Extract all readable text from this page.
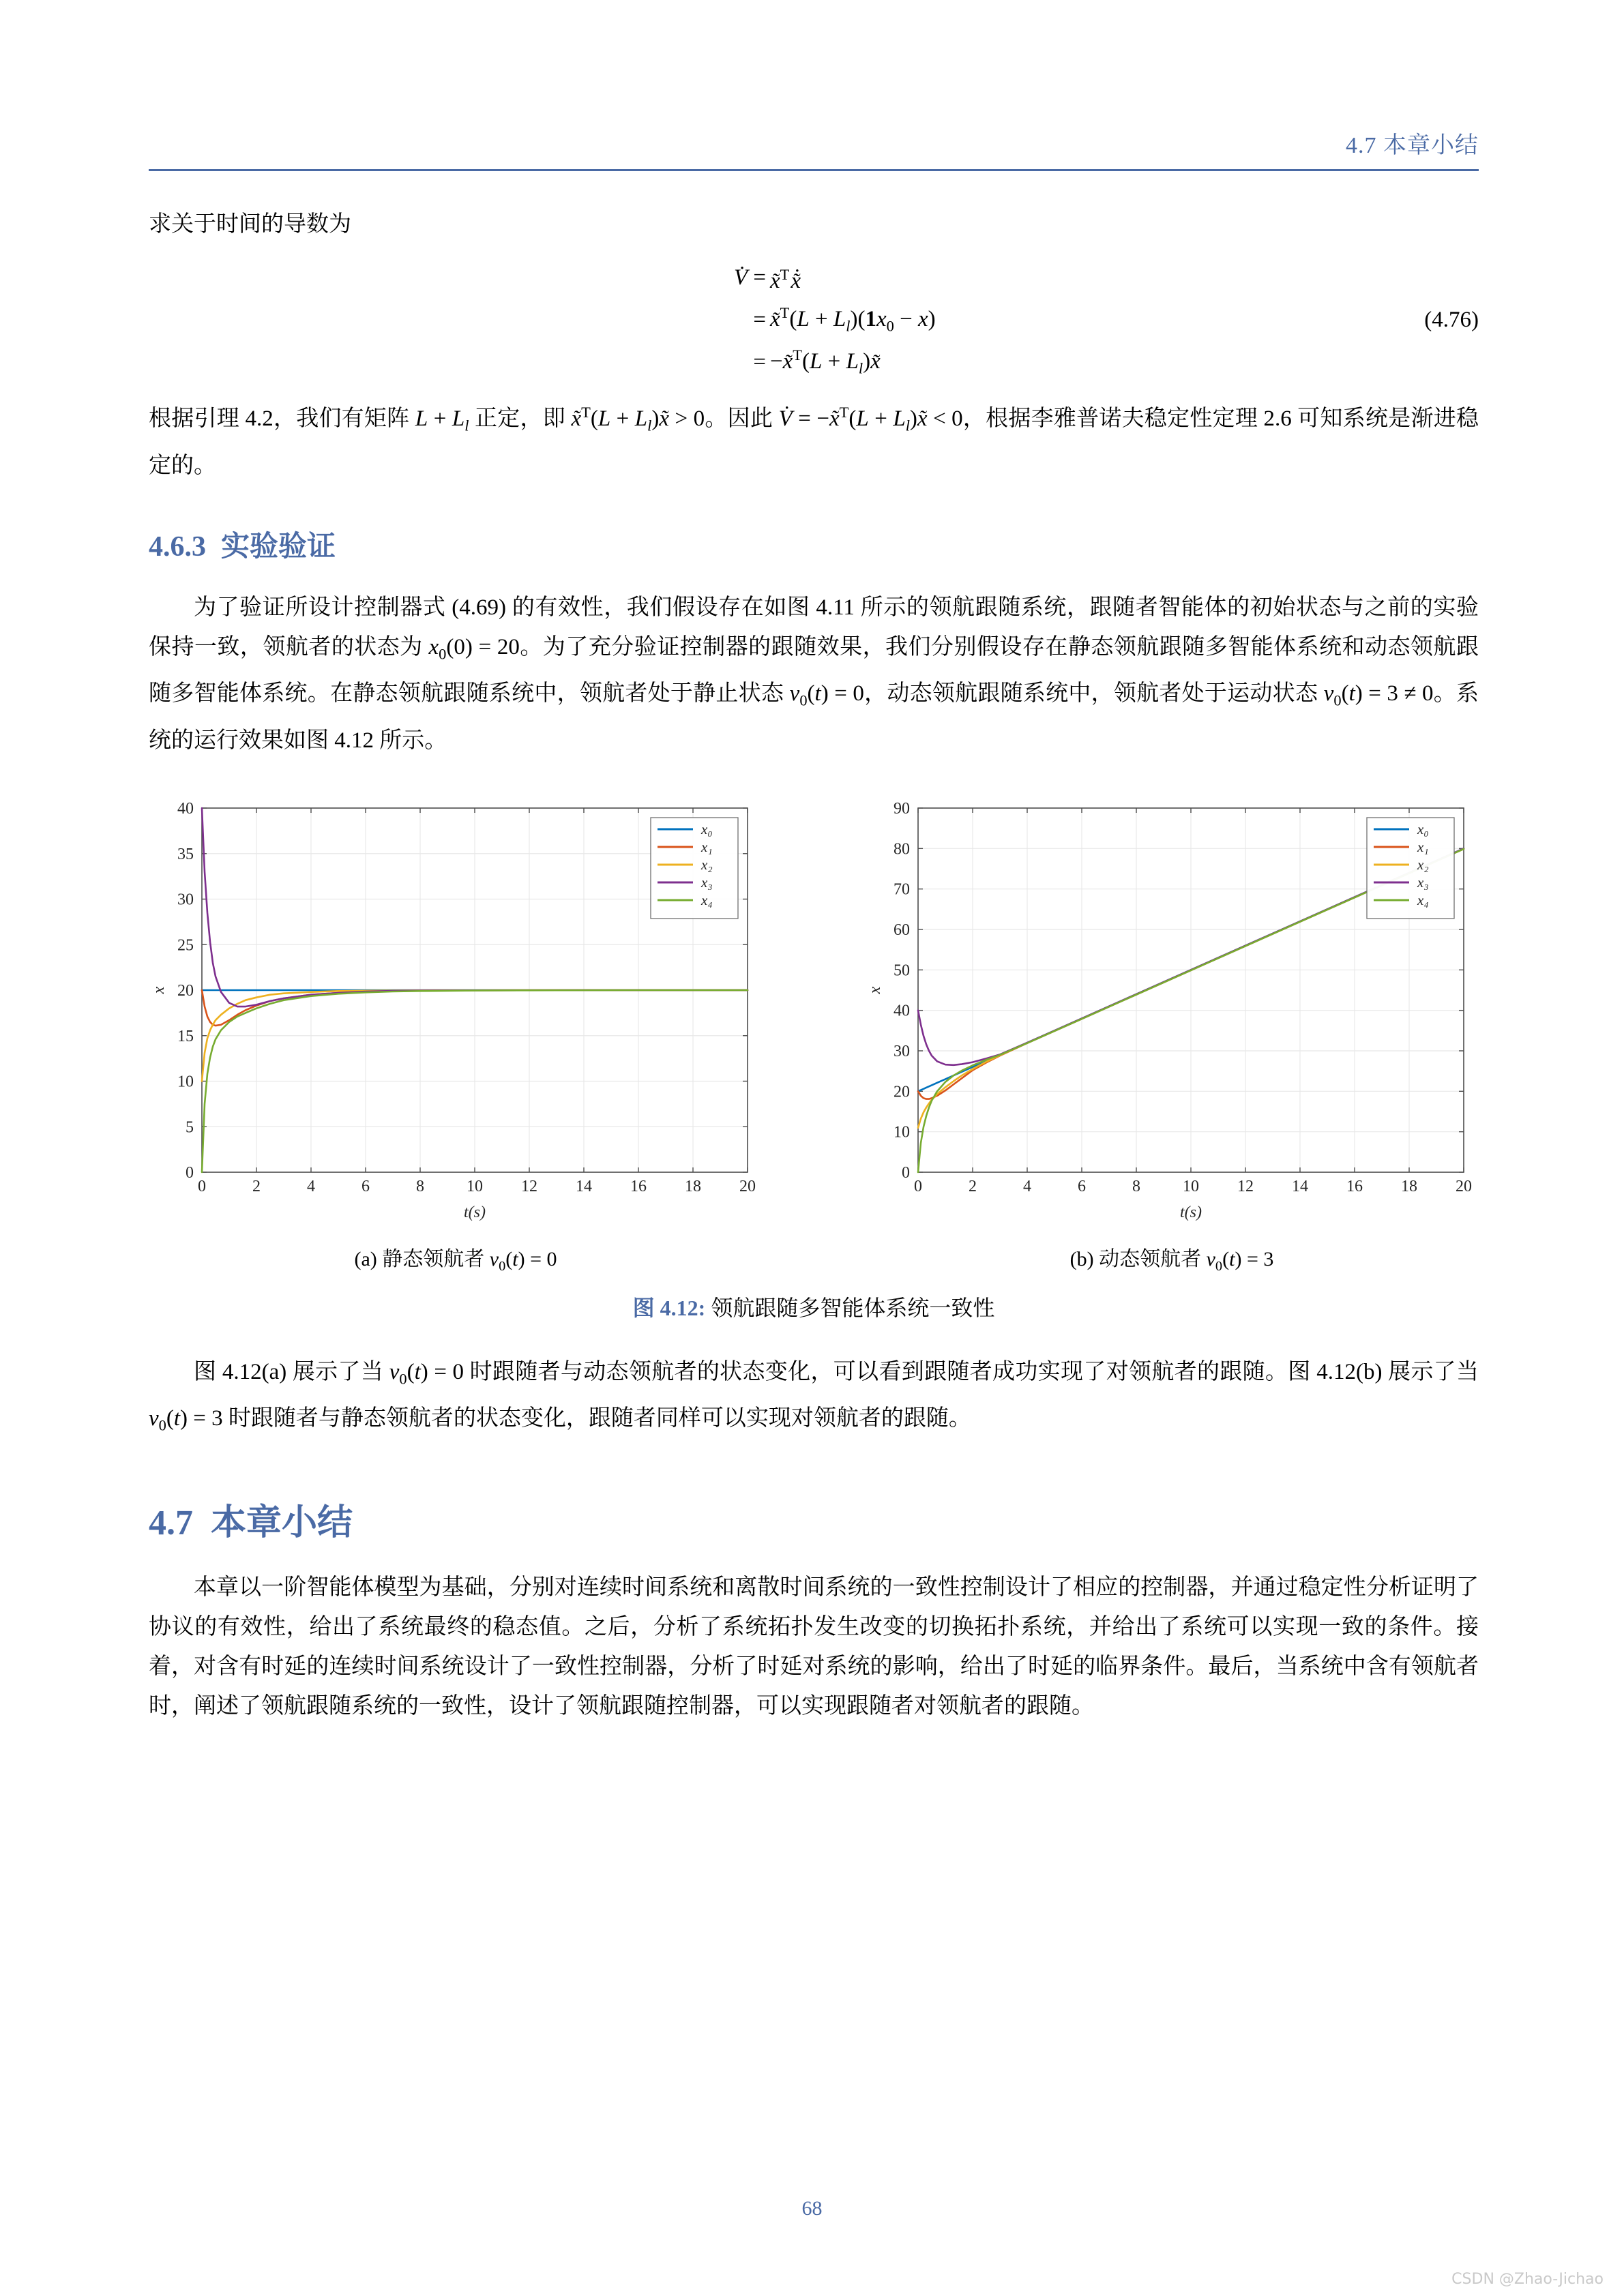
4.7 本章小结

求关于时间的导数为

V ˙ = x ˜$^T$x ˜ ˙
= x ˜$^T$(L + $L_l)(1x_0 - x)$
= −x ˜$^T$(L + $L_l)x$ ˜
(4.76)

根据引理 4.2，我们有矩阵 $L + L_l$ 正定，即 x ˜$^T$(L + $L_l)x$ ˜ > 0。因此 V ˙ = −x ˜$^T$(L + $L_l)x$ ˜ < 0，根据李雅普诺夫稳定性定理 2.6 可知系统是渐进稳定的。

4.6.3 实验验证

为了验证所设计控制器式 (4.69) 的有效性，我们假设存在如图 4.11 所示的领航跟随系统，跟随者智能体的初始状态与之前的实验保持一致，领航者的状态为 $x_0(0) = 20$。为了充分验证控制器的跟随效果，我们分别假设存在静态领航跟随多智能体系统和动态领航跟随多智能体系统。在静态领航跟随系统中，领航者处于静止状态 $v_0(t) = 0$，动态领航跟随系统中，领航者处于运动状态 $v_0(t) = 3 \ne 0$。系统的运行效果如图 4.12 所示。

0	2	4	6	8	10 12 14 16 18 20
0
5
10
15
20
25
30
35
40
t(s)
x
x₀
x₁
x₂
x₃
x₄
(a) 静态领航者 $v_0(t) = 0$
0	2	4	6	8	10 12 14 16 18 20
0
10
20
30
40
50
60
70
80
90
t(s)
x
x₀
x₁
x₂
x₃
x₄
(b) 动态领航者 $v_0(t) = 3$
图 4.12: 领航跟随多智能体系统一致性

图 4.12(a) 展示了当 $v_0(t) = 0$ 时跟随者与动态领航者的状态变化，可以看到跟随者成功实现了对领航者的跟随。图 4.12(b) 展示了当 $v_0(t) = 3$ 时跟随者与静态领航者的状态变化，跟随者同样可以实现对领航者的跟随。

4.7 本章小结

本章以一阶智能体模型为基础，分别对连续时间系统和离散时间系统的一致性控制设计了相应的控制器，并通过稳定性分析证明了协议的有效性，给出了系统最终的稳态值。之后，分析了系统拓扑发生改变的切换拓扑系统，并给出了系统可以实现一致的条件。接着，对含有时延的连续时间系统设计了一致性控制器，分析了时延对系统的影响，给出了时延的临界条件。最后，当系统中含有领航者时，阐述了领航跟随系统的一致性，设计了领航跟随控制器，可以实现跟随者对领航者的跟随。

68
CSDN @Zhao-Jichao
